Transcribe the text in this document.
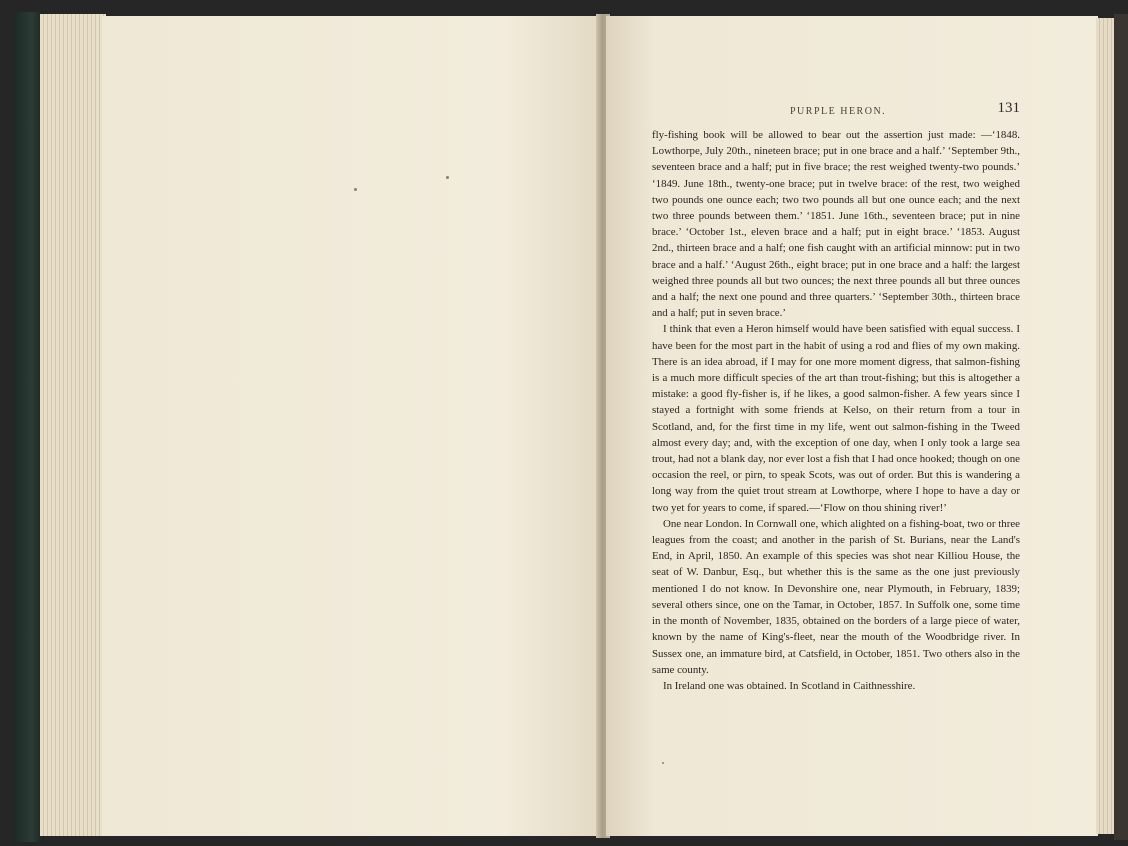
PURPLE HERON.	131

fly-fishing book will be allowed to bear out the assertion just made: —‘1848. Lowthorpe, July 20th., nineteen brace; put in one brace and a half.’ ‘September 9th., seventeen brace and a half; put in five brace; the rest weighed twenty-two pounds.’ ‘1849. June 18th., twenty-one brace; put in twelve brace: of the rest, two weighed two pounds one ounce each; two two pounds all but one ounce each; and the next two three pounds between them.’ ‘1851. June 16th., seventeen brace; put in nine brace.’ ‘October 1st., eleven brace and a half; put in eight brace.’ ‘1853. August 2nd., thirteen brace and a half; one fish caught with an artificial minnow: put in two brace and a half.’ ‘August 26th., eight brace; put in one brace and a half: the largest weighed three pounds all but two ounces; the next three pounds all but three ounces and a half; the next one pound and three quarters.’ ‘September 30th., thirteen brace and a half; put in seven brace.’

I think that even a Heron himself would have been satisfied with equal success. I have been for the most part in the habit of using a rod and flies of my own making. There is an idea abroad, if I may for one more moment digress, that salmon-fishing is a much more difficult species of the art than trout-fishing; but this is altogether a mistake: a good fly-fisher is, if he likes, a good salmon-fisher. A few years since I stayed a fortnight with some friends at Kelso, on their return from a tour in Scotland, and, for the first time in my life, went out salmon-fishing in the Tweed almost every day; and, with the exception of one day, when I only took a large sea trout, had not a blank day, nor ever lost a fish that I had once hooked; though on one occasion the reel, or pirn, to speak Scots, was out of order. But this is wandering a long way from the quiet trout stream at Lowthorpe, where I hope to have a day or two yet for years to come, if spared.—‘Flow on thou shining river!’

One near London. In Cornwall one, which alighted on a fishing-boat, two or three leagues from the coast; and another in the parish of St. Burians, near the Land's End, in April, 1850. An example of this species was shot near Killiou House, the seat of W. Danbur, Esq., but whether this is the same as the one just previously mentioned I do not know. In Devonshire one, near Plymouth, in February, 1839; several others since, one on the Tamar, in October, 1857. In Suffolk one, some time in the month of November, 1835, obtained on the borders of a large piece of water, known by the name of King's-fleet, near the mouth of the Woodbridge river. In Sussex one, an immature bird, at Catsfield, in October, 1851. Two others also in the same county.

In Ireland one was obtained. In Scotland in Caithnesshire.
